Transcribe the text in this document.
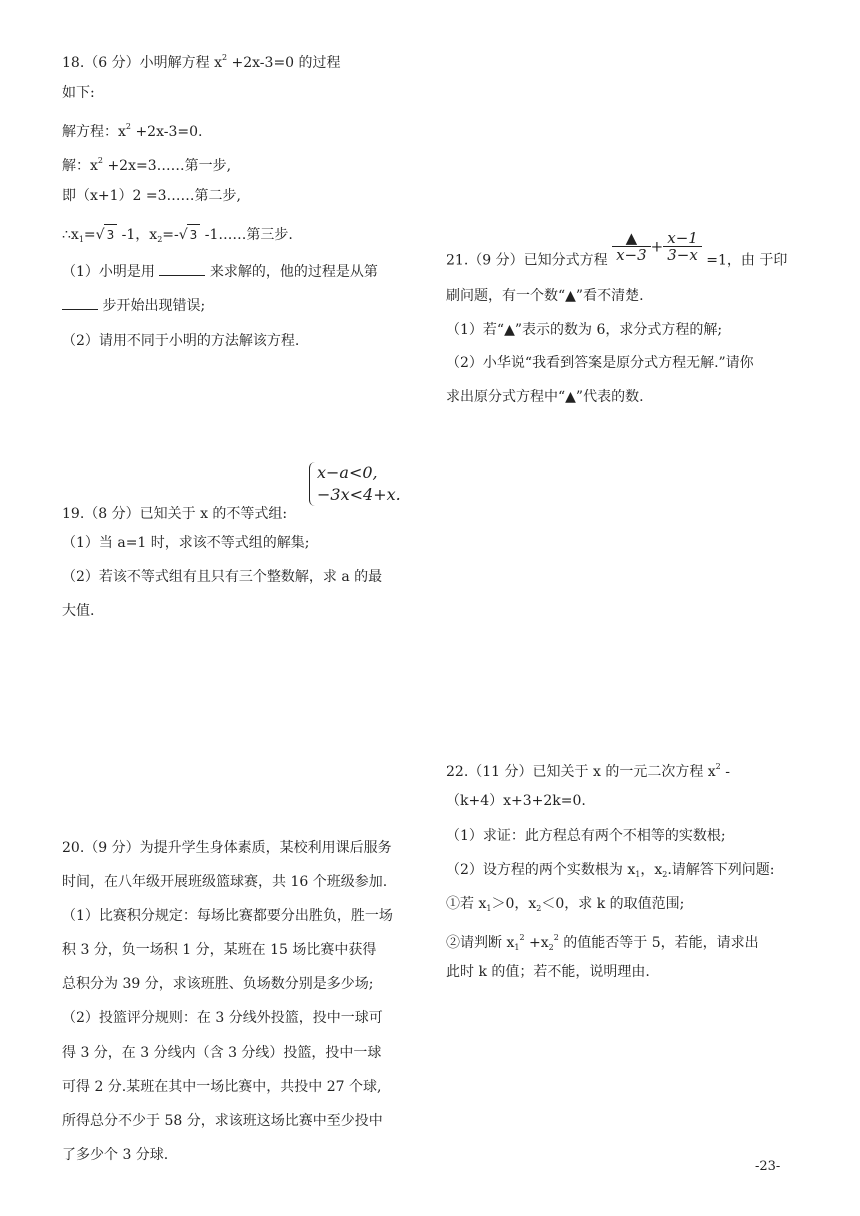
18.（6 分）小明解方程 $x^2 +2x-3=0$ 的过程
如下:
解方程：$x^2 +2x-3=0$.
解：$x^2$ +2x=3……第一步,
即（x+1）2 =3……第二步,
$\therefore x_1=√$ 3 -1，$x_2=-√$ 3 -1……第三步.
（1）小明是用	来求解的，他的过程是从第
步开始出现错误;
（2）请用不同于小明的方法解该方程.
x−a<0,
−3x<4+x.
19.（8 分）已知关于 x 的不等式组:
（1）当 a=1 时，求该不等式组的解集;
（2）若该不等式组有且只有三个整数解，求 a 的最
大值.
20.（9 分）为提升学生身体素质，某校利用课后服务
时间，在八年级开展班级篮球赛，共 16 个班级参加.
（1）比赛积分规定：每场比赛都要分出胜负，胜一场
积 3 分，负一场积 1 分，某班在 15 场比赛中获得
总积分为 39 分，求该班胜、负场数分别是多少场;
（2）投篮评分规则：在 3 分线外投篮，投中一球可
得 3 分，在 3 分线内（含 3 分线）投篮，投中一球
可得 2 分.某班在其中一场比赛中，共投中 27 个球,
所得总分不少于 58 分，求该班这场比赛中至少投中
了多少个 3 分球.
21.（9 分）已知分式方程 $\frac{▲}{x-3} + \frac{x-1}{3-x} =1$，由 于印
刷问题，有一个数“▲”看不清楚.
（1）若“▲”表示的数为 6，求分式方程的解;
（2）小华说“我看到答案是原分式方程无解.”请你
求出原分式方程中“▲”代表的数.
22.（11 分）已知关于 x 的一元二次方程 $x^2$ -
（k+4）x+3+2k=0.
（1）求证：此方程总有两个不相等的实数根;
（2）设方程的两个实数根为 $x_1$，$x_2$.请解答下列问题:
①若 $x_1>0$，$x_2<0$，求 k 的取值范围;
②请判断 $x_1^2 +x_2^2$ 的值能否等于 5，若能，请求出
此时 k 的值；若不能，说明理由.
-23-
